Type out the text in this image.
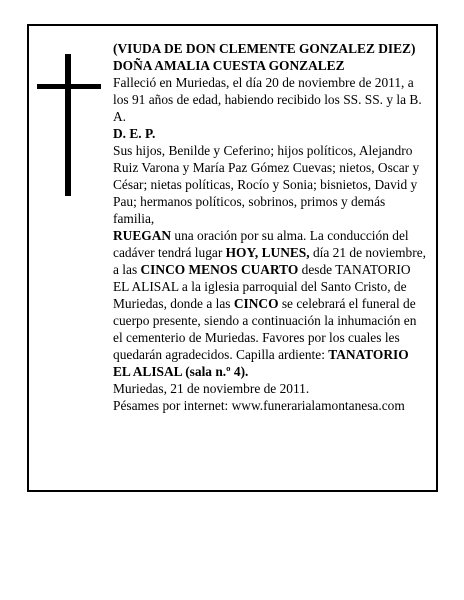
(VIUDA DE DON CLEMENTE GONZALEZ DIEZ)

DOÑA AMALIA CUESTA GONZALEZ

Falleció en Muriedas, el día 20 de noviembre de 2011, a los 91 años de edad, habiendo recibido los SS. SS. y la B. A.

D. E. P.

Sus hijos, Benilde y Ceferino; hijos políticos, Alejandro Ruiz Varona y María Paz Gómez Cuevas; nietos, Oscar y César; nietas políticas, Rocío y Sonia; bisnietos, David y Pau; hermanos políticos, sobrinos, primos y demás familia,

RUEGAN una oración por su alma. La conducción del cadáver tendrá lugar HOY, LUNES, día 21 de noviembre, a las CINCO MENOS CUARTO desde TANATORIO EL ALISAL a la iglesia parroquial del Santo Cristo, de Muriedas, donde a las CINCO se celebrará el funeral de cuerpo presente, siendo a continuación la inhumación en el cementerio de Muriedas. Favores por los cuales les quedarán agradecidos. Capilla ardiente: TANATORIO EL ALISAL (sala n.º 4).

Muriedas, 21 de noviembre de 2011.

Pésames por internet: www.funerarialamontanesa.com
